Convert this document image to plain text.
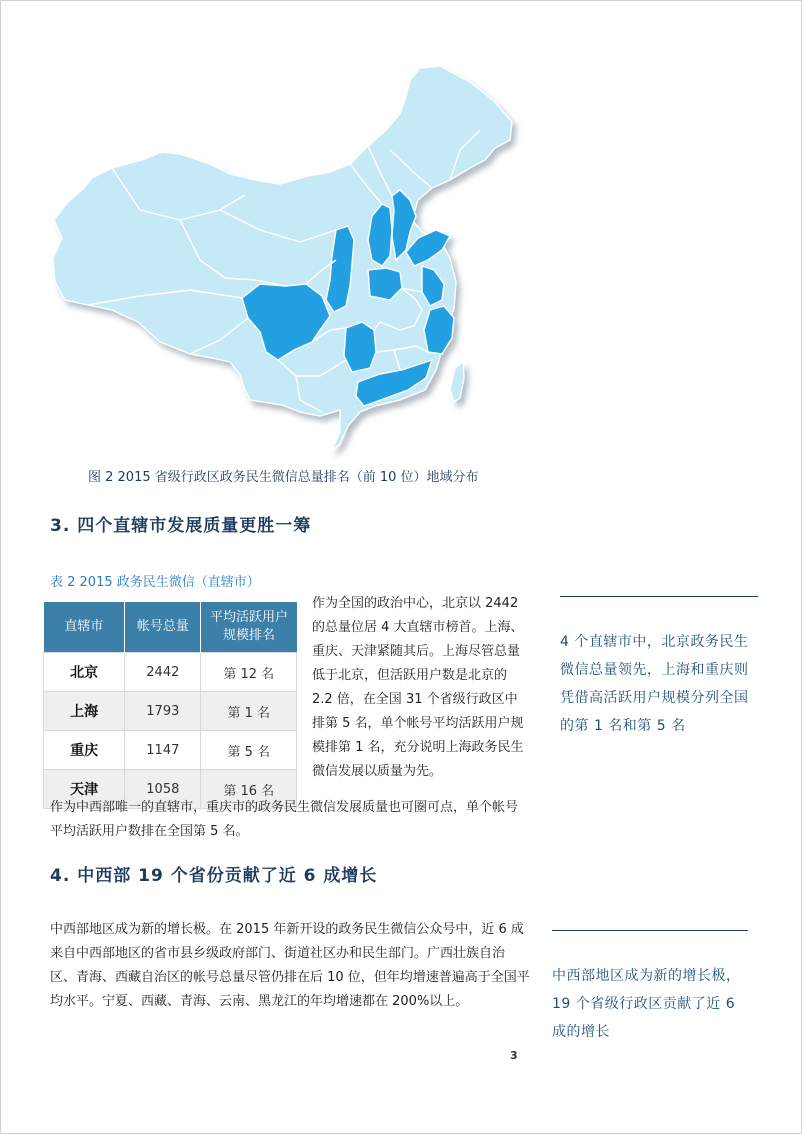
图 2 2015 省级行政区政务民生微信总量排名（前 10 位）地域分布
3. 四个直辖市发展质量更胜一筹
表 2 2015 政务民生微信（直辖市）
直辖市	帐号总量	平均活跃用户规模排名
北京	2442	第 12 名
上海	1793	第 1 名
重庆	1147	第 5 名
天津	1058	第 16 名
作为全国的政治中心，北京以 2442 的总量位居 4 大直辖市榜首。上海、重庆、天津紧随其后。上海尽管总量低于北京，但活跃用户数是北京的 2.2 倍，在全国 31 个省级行政区中排第 5 名，单个帐号平均活跃用户规模排第 1 名，充分说明上海政务民生微信发展以质量为先。
作为中西部唯一的直辖市，重庆市的政务民生微信发展质量也可圈可点，单个帐号平均活跃用户数排在全国第 5 名。
4 个直辖市中，北京政务民生微信总量领先，上海和重庆则凭借高活跃用户规模分列全国的第 1 名和第 5 名
4. 中西部 19 个省份贡献了近 6 成增长
中西部地区成为新的增长极。在 2015 年新开设的政务民生微信公众号中，近 6 成来自中西部地区的省市县乡级政府部门、街道社区办和民生部门。广西壮族自治区、青海、西藏自治区的帐号总量尽管仍排在后 10 位，但年均增速普遍高于全国平均水平。宁夏、西藏、青海、云南、黑龙江的年均增速都在 200%以上。
中西部地区成为新的增长极，19 个省级行政区贡献了近 6 成的增长
3
